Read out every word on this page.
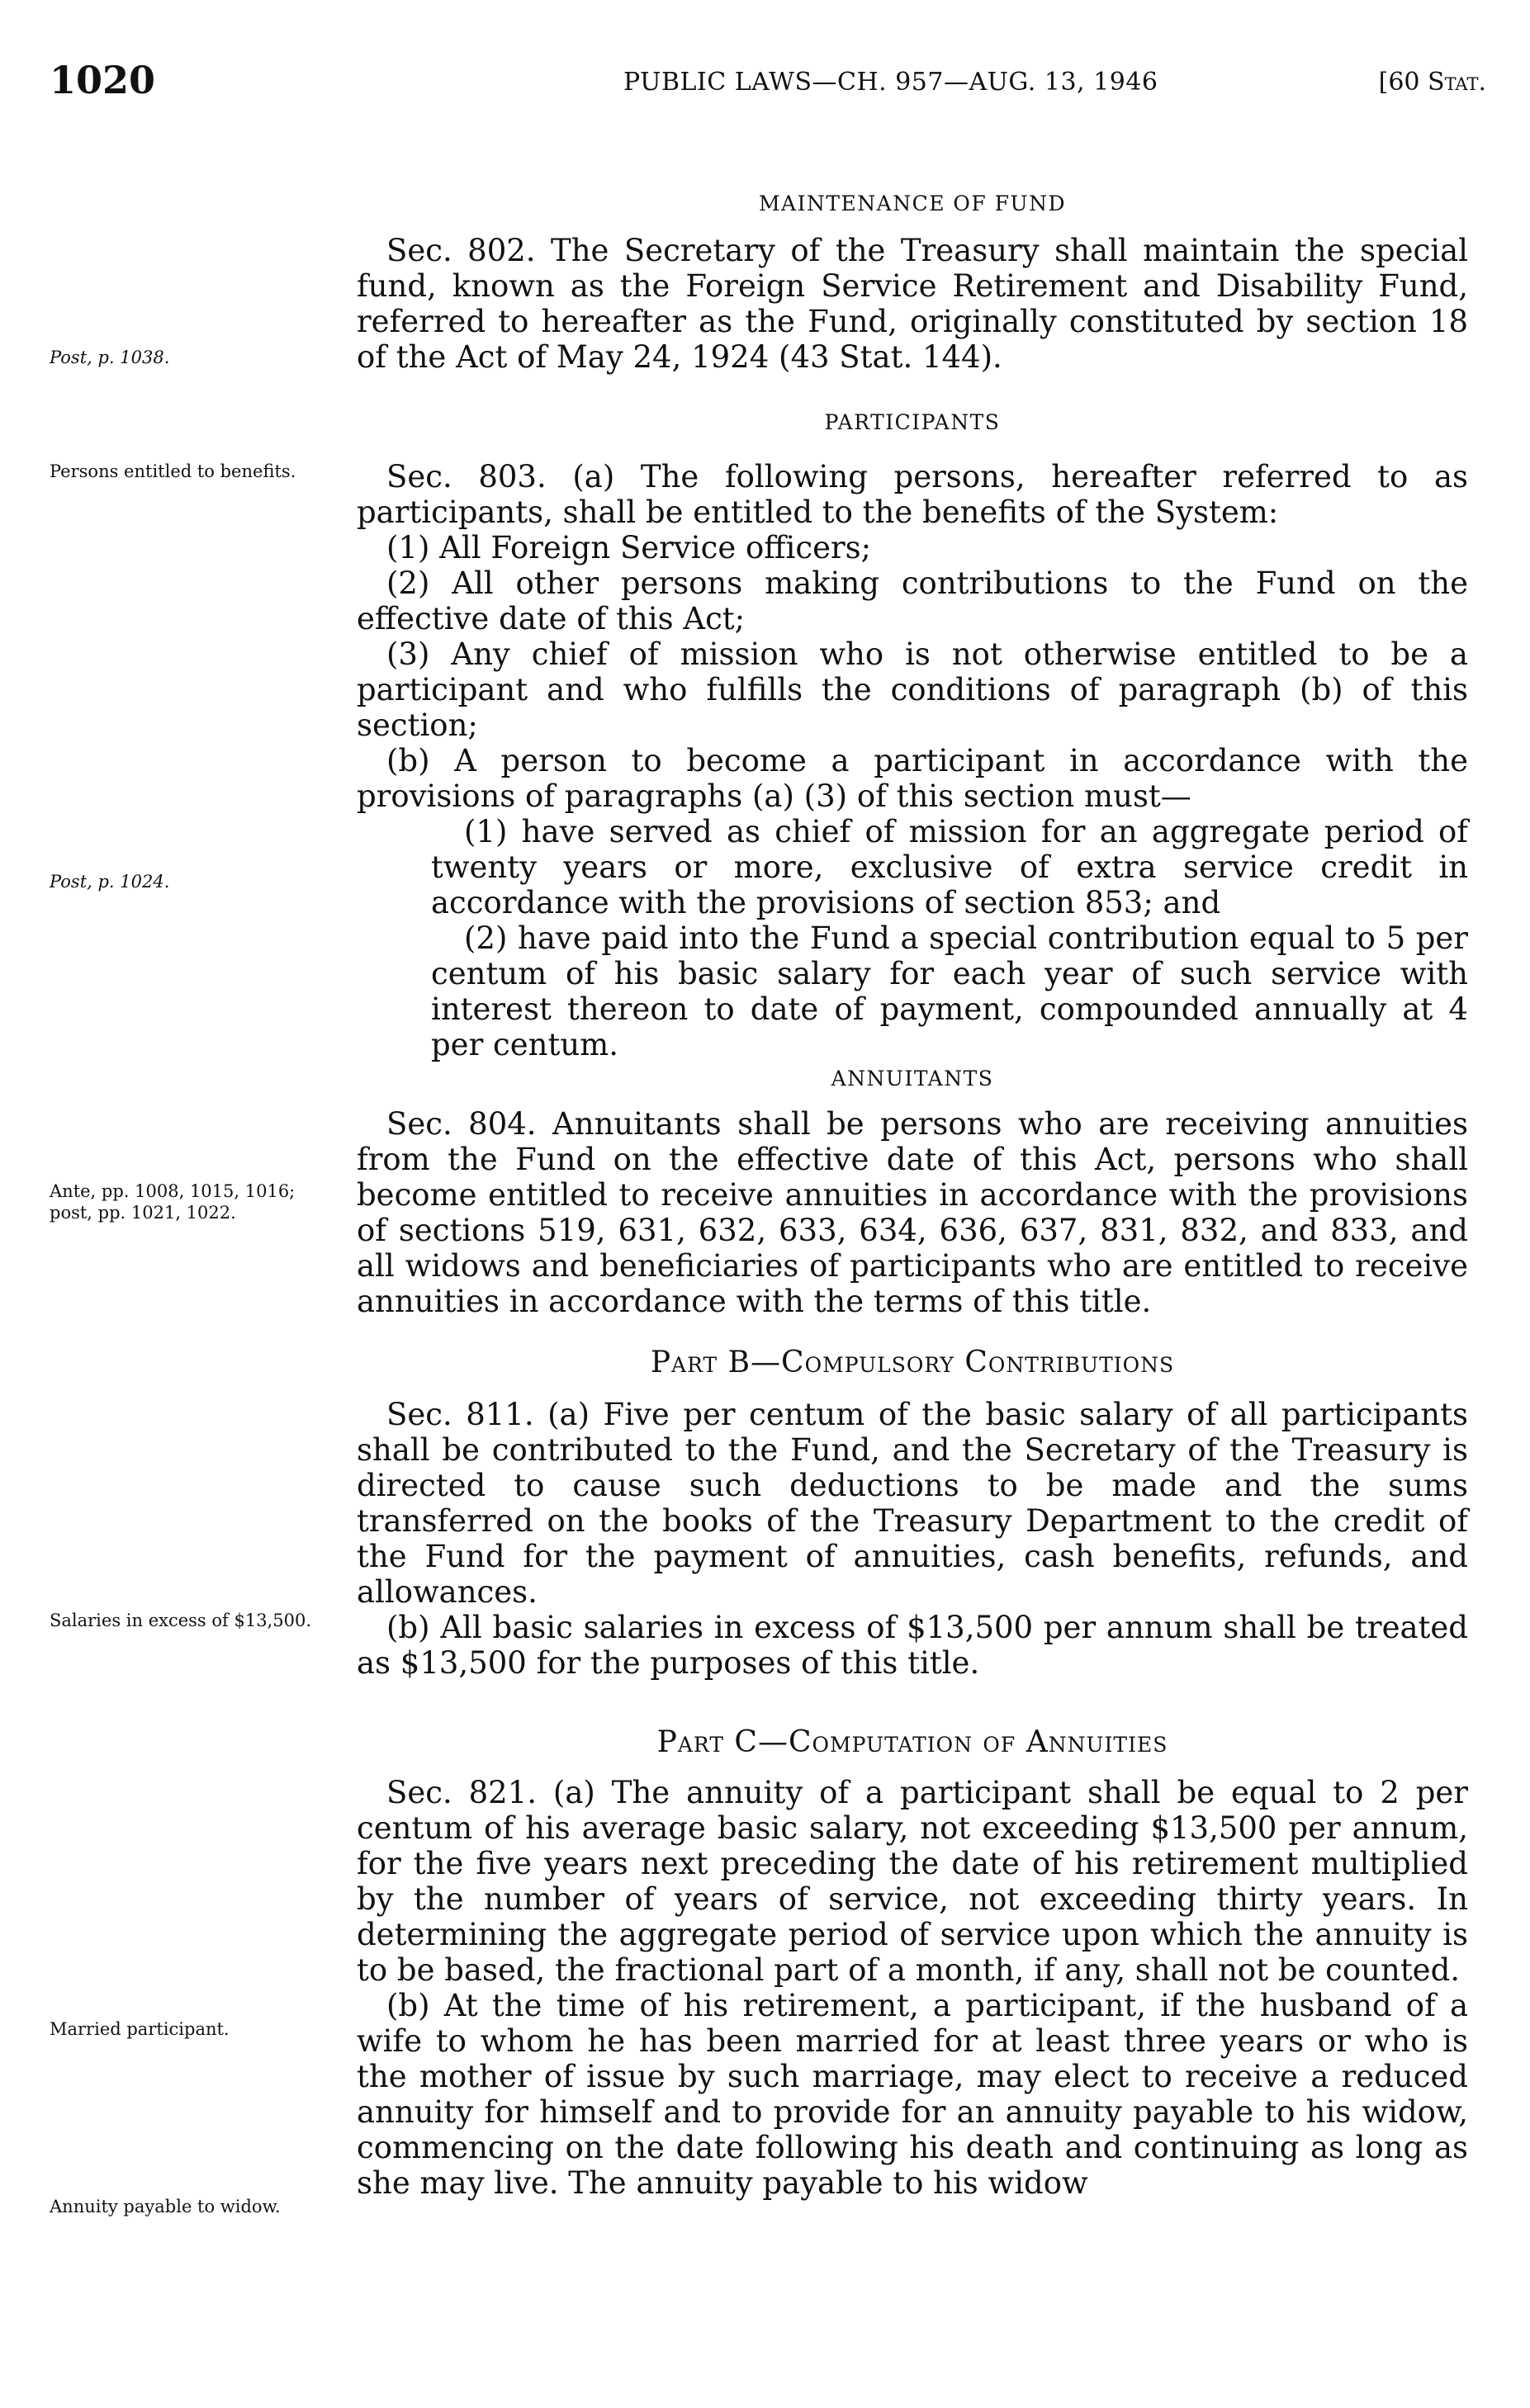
1020	PUBLIC LAWS—CH. 957—AUG. 13, 1946	[60 Stat.
MAINTENANCE OF FUND

Sec. 802. The Secretary of the Treasury shall maintain the special fund, known as the Foreign Service Retirement and Disability Fund, referred to hereafter as the Fund, originally constituted by section 18 of the Act of May 24, 1924 (43 Stat. 144).

Post, p. 1038.
PARTICIPANTS
Persons entitled to benefits.	Sec. 803. (a) The following persons, hereafter referred to as participants, shall be entitled to the benefits of the System:

(1) All Foreign Service officers;

(2) All other persons making contributions to the Fund on the effective date of this Act;

(3) Any chief of mission who is not otherwise entitled to be a participant and who fulfills the conditions of paragraph (b) of this section;

(b) A person to become a participant in accordance with the provisions of paragraphs (a) (3) of this section must—

(1) have served as chief of mission for an aggregate period of twenty years or more, exclusive of extra service credit in accordance with the provisions of section 853; and

(2) have paid into the Fund a special contribution equal to 5 per centum of his basic salary for each year of such service with interest thereon to date of payment, compounded annually at 4 per centum.

Post, p. 1024.
ANNUITANTS

Sec. 804. Annuitants shall be persons who are receiving annuities from the Fund on the effective date of this Act, persons who shall become entitled to receive annuities in accordance with the provisions of sections 519, 631, 632, 633, 634, 636, 637, 831, 832, and 833, and all widows and beneficiaries of participants who are entitled to receive annuities in accordance with the terms of this title.

Ante, pp. 1008, 1015, 1016; post, pp. 1021, 1022.
Part B—Compulsory Contributions

Sec. 811. (a) Five per centum of the basic salary of all participants shall be contributed to the Fund, and the Secretary of the Treasury is directed to cause such deductions to be made and the sums transferred on the books of the Treasury Department to the credit of the Fund for the payment of annuities, cash benefits, refunds, and allowances.

(b) All basic salaries in excess of $13,500 per annum shall be treated as $13,500 for the purposes of this title.

Salaries in excess of $13,500.
Part C—Computation of Annuities

Sec. 821. (a) The annuity of a participant shall be equal to 2 per centum of his average basic salary, not exceeding $13,500 per annum, for the five years next preceding the date of his retirement multiplied by the number of years of service, not exceeding thirty years. In determining the aggregate period of service upon which the annuity is to be based, the fractional part of a month, if any, shall not be counted.

(b) At the time of his retirement, a participant, if the husband of a wife to whom he has been married for at least three years or who is the mother of issue by such marriage, may elect to receive a reduced annuity for himself and to provide for an annuity payable to his widow, commencing on the date following his death and continuing as long as she may live. The annuity payable to his widow

Married participant.
Annuity payable to widow.
